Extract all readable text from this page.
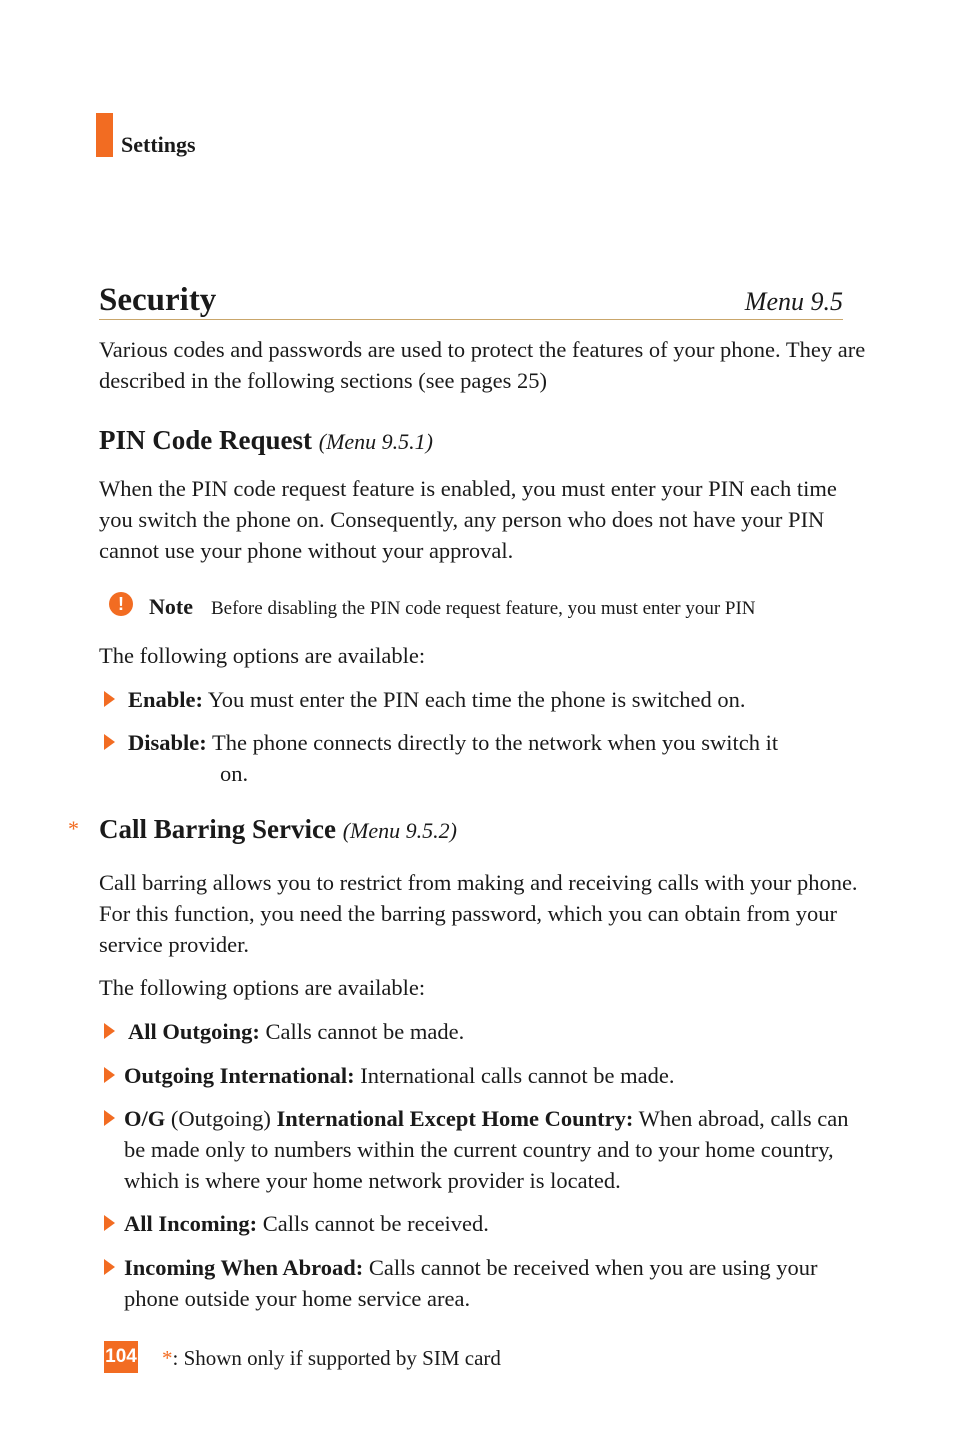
Settings
Security	Menu 9.5
Various codes and passwords are used to protect the features of your phone. They are described in the following sections (see pages 25)
PIN Code Request (Menu 9.5.1)
When the PIN code request feature is enabled, you must enter your PIN each time you switch the phone on. Consequently, any person who does not have your PIN cannot use your phone without your approval.
!	Note Before disabling the PIN code request feature, you must enter your PIN
The following options are available:
Enable: You must enter the PIN each time the phone is switched on.
Disable: The phone connects directly to the network when you switch it
on.
* Call Barring Service (Menu 9.5.2)
Call barring allows you to restrict from making and receiving calls with your phone. For this function, you need the barring password, which you can obtain from your service provider.
The following options are available:
All Outgoing: Calls cannot be made.
Outgoing International: International calls cannot be made.
O/G (Outgoing) International Except Home Country: When abroad, calls can be made only to numbers within the current country and to your home country, which is where your home network provider is located.
All Incoming: Calls cannot be received.
Incoming When Abroad: Calls cannot be received when you are using your phone outside your home service area.
104 *: Shown only if supported by SIM card
